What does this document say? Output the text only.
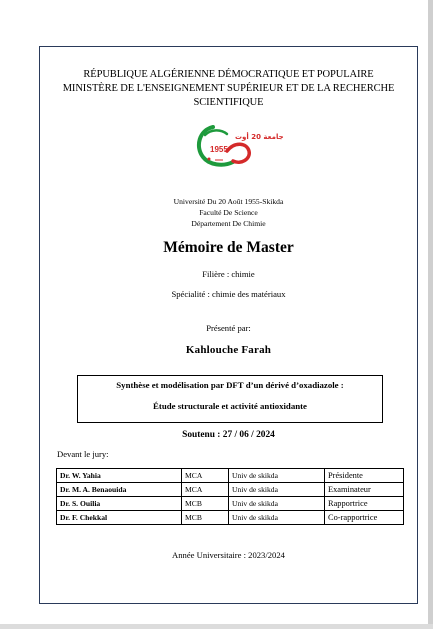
RÉPUBLIQUE ALGÉRIENNE DÉMOCRATIQUE ET POPULAIRE
MINISTÈRE DE L'ENSEIGNEMENT SUPÉRIEUR ET DE LA RECHERCHE
SCIENTIFIQUE
1955
جامعة 20 أوت
Université Du 20 Août 1955-Skikda
Faculté De Science
Département De Chimie
Mémoire de Master
Filière : chimie
Spécialité : chimie des matériaux
Présenté par:
Kahlouche Farah
Synthèse et modélisation par DFT d’un dérivé d’oxadiazole :
Étude structurale et activité antioxidante
Soutenu : 27 / 06 / 2024
Devant le jury:
Dr. W. Yahia	MCA	Univ de skikda	Présidente
Dr. M. A. Benaouida	MCA	Univ de skikda	Examinateur
Dr. S. Ouilia	MCB	Univ de skikda	Rapportrice
Dr. F. Chekkal	MCB	Univ de skikda	Co-rapportrice
Année Universitaire : 2023/2024
